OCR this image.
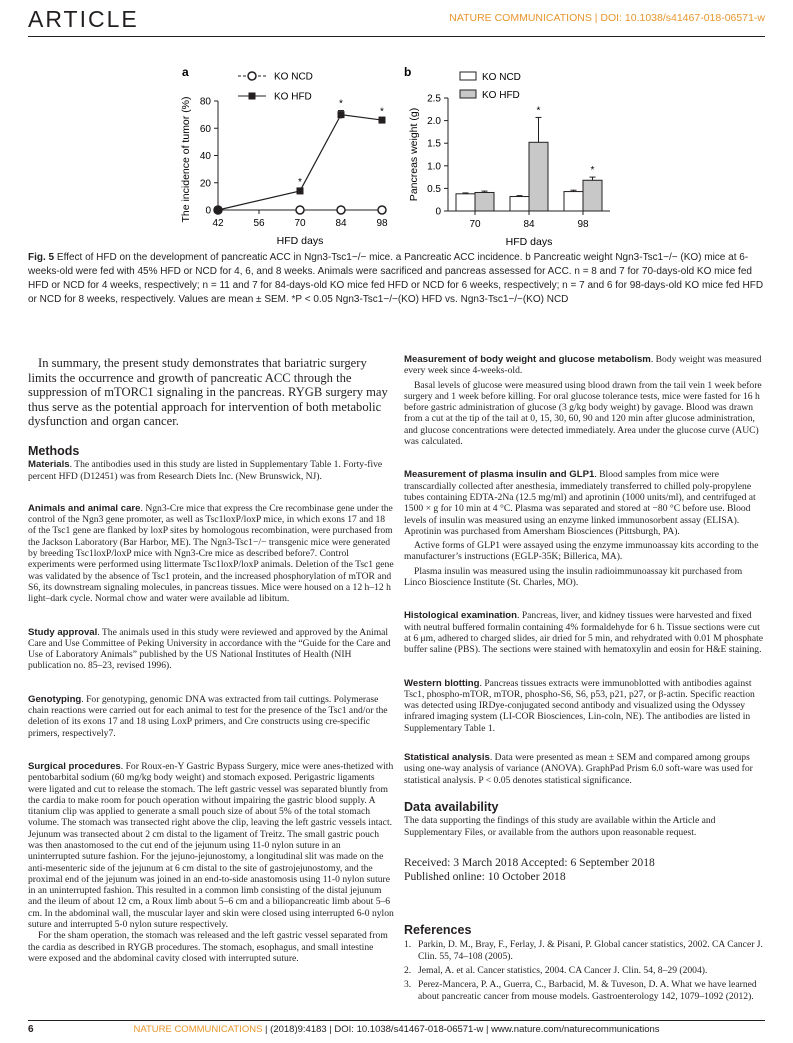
ARTICLE	NATURE COMMUNICATIONS | DOI: 10.1038/s41467-018-06571-w
a	b
0
20
40
60
80
42	56	70	84	98
HFD days
The incidence of tumor (%)
KO NCD
KO HFD
*
*
*
0
0.5
1.0
1.5
2.0
2.5
70	84
*
98
*
HFD days
Pancreas weight (g)
KO NCD
KO HFD
Fig. 5 Effect of HFD on the development of pancreatic ACC in Ngn3-Tsc1−/− mice. a Pancreatic ACC incidence. b Pancreatic weight Ngn3-Tsc1−/− (KO) mice at 6-weeks-old were fed with 45% HFD or NCD for 4, 6, and 8 weeks. Animals were sacrificed and pancreas assessed for ACC. n = 8 and 7 for 70-days-old KO mice fed HFD or NCD for 4 weeks, respectively; n = 11 and 7 for 84-days-old KO mice fed HFD or NCD for 6 weeks, respectively; n = 7 and 6 for 98-days-old KO mice fed HFD or NCD for 8 weeks, respectively. Values are mean ± SEM. *P < 0.05 Ngn3-Tsc1−/−(KO) HFD vs. Ngn3-Tsc1−/−(KO) NCD

In summary, the present study demonstrates that bariatric surgery limits the occurrence and growth of pancreatic ACC through the suppression of mTORC1 signaling in the pancreas. RYGB surgery may thus serve as the potential approach for intervention of both metabolic dysfunction and organ cancer.

Methods

Materials. The antibodies used in this study are listed in Supplementary Table 1. Forty-five percent HFD (D12451) was from Research Diets Inc. (New Brunswick, NJ).

Animals and animal care. Ngn3-Cre mice that express the Cre recombinase gene under the control of the Ngn3 gene promoter, as well as Tsc1loxP/loxP mice, in which exons 17 and 18 of the Tsc1 gene are flanked by loxP sites by homologous recombination, were purchased from the Jackson Laboratory (Bar Harbor, ME). The Ngn3-Tsc1−/− transgenic mice were generated by breeding Tsc1loxP/loxP mice with Ngn3-Cre mice as described before7. Control experiments were performed using littermate Tsc1loxP/loxP animals. Deletion of the Tsc1 gene was validated by the absence of Tsc1 protein, and the increased phosphorylation of mTOR and S6, its downstream signaling molecules, in pancreas tissues. Mice were housed on a 12 h–12 h light–dark cycle. Normal chow and water were available ad libitum.

Study approval. The animals used in this study were reviewed and approved by the Animal Care and Use Committee of Peking University in accordance with the “Guide for the Care and Use of Laboratory Animals” published by the US National Institutes of Health (NIH publication no. 85–23, revised 1996).

Genotyping. For genotyping, genomic DNA was extracted from tail cuttings. Polymerase chain reactions were carried out for each animal to test for the presence of the Tsc1 and/or the deletion of its exons 17 and 18 using LoxP primers, and Cre constructs using cre-specific primers, respectively7.

Surgical procedures. For Roux-en-Y Gastric Bypass Surgery, mice were anes-thetized with pentobarbital sodium (60 mg/kg body weight) and stomach exposed. Perigastric ligaments were ligated and cut to release the stomach. The left gastric vessel was separated bluntly from the cardia to make room for pouch operation without impairing the gastric blood supply. A titanium clip was applied to generate a small pouch size of about 5% of the total stomach volume. The stomach was transected right above the clip, leaving the left gastric vessels intact. Jejunum was transected about 2 cm distal to the ligament of Treitz. The small gastric pouch was then anastomosed to the cut end of the jejunum using 11-0 nylon suture in an uninterrupted suture fashion. For the jejuno-jejunostomy, a longitudinal slit was made on the anti-mesenteric side of the jejunum at 6 cm distal to the site of gastrojejunostomy, and the proximal end of the jejunum was joined in an end-to-side anastomosis using 11-0 nylon suture in an uninterrupted fashion. This resulted in a common limb consisting of the distal jejunum and the ileum of about 12 cm, a Roux limb about 5–6 cm and a biliopancreatic limb about 5–6 cm. In the abdominal wall, the muscular layer and skin were closed using interrupted 6-0 nylon suture and interrupted 5-0 nylon suture respectively.

For the sham operation, the stomach was released and the left gastric vessel separated from the cardia as described in RYGB procedures. The stomach, esophagus, and small intestine were exposed and the abdominal cavity closed with interrupted suture.

Measurement of body weight and glucose metabolism. Body weight was measured every week since 4-weeks-old.

Basal levels of glucose were measured using blood drawn from the tail vein 1 week before surgery and 1 week before killing. For oral glucose tolerance tests, mice were fasted for 16 h before gastric administration of glucose (3 g/kg body weight) by gavage. Blood was drawn from a cut at the tip of the tail at 0, 15, 30, 60, 90 and 120 min after glucose administration, and glucose concentrations were detected immediately. Area under the glucose curve (AUC) was calculated.

Measurement of plasma insulin and GLP1. Blood samples from mice were transcardially collected after anesthesia, immediately transferred to chilled poly-propylene tubes containing EDTA-2Na (12.5 mg/ml) and aprotinin (1000 units/ml), and centrifuged at 1500 × g for 10 min at 4 °C. Plasma was separated and stored at −80 °C before use. Blood levels of insulin was measured using an enzyme linked immunosorbent assay (ELISA). Aprotinin was purchased from Amersham Biosciences (Pittsburgh, PA).

Active forms of GLP1 were assayed using the enzyme immunoassay kits according to the manufacturer’s instructions (EGLP-35K; Billerica, MA).

Plasma insulin was measured using the insulin radioimmunoassay kit purchased from Linco Bioscience Institute (St. Charles, MO).

Histological examination. Pancreas, liver, and kidney tissues were harvested and fixed with neutral buffered formalin containing 4% formaldehyde for 6 h. Tissue sections were cut at 6 μm, adhered to charged slides, air dried for 5 min, and rehydrated with 0.01 M phosphate buffer saline (PBS). The sections were stained with hematoxylin and eosin for H&E staining.

Western blotting. Pancreas tissues extracts were immunoblotted with antibodies against Tsc1, phospho-mTOR, mTOR, phospho-S6, S6, p53, p21, p27, or β-actin. Specific reaction was detected using IRDye-conjugated second antibody and visualized using the Odyssey infrared imaging system (LI-COR Biosciences, Lin-coln, NE). The antibodies are listed in Supplementary Table 1.

Statistical analysis. Data were presented as mean ± SEM and compared among groups using one-way analysis of variance (ANOVA). GraphPad Prism 6.0 soft-ware was used for statistical analysis. P < 0.05 denotes statistical significance.

Data availability

The data supporting the findings of this study are available within the Article and Supplementary Files, or available from the authors upon reasonable request.

Received: 3 March 2018 Accepted: 6 September 2018
Published online: 10 October 2018
References
1. Parkin, D. M., Bray, F., Ferlay, J. & Pisani, P. Global cancer statistics, 2002. CA Cancer J. Clin. 55, 74–108 (2005).
2. Jemal, A. et al. Cancer statistics, 2004. CA Cancer J. Clin. 54, 8–29 (2004).
3. Perez-Mancera, P. A., Guerra, C., Barbacid, M. & Tuveson, D. A. What we have learned about pancreatic cancer from mouse models. Gastroenterology 142, 1079–1092 (2012).
6	NATURE COMMUNICATIONS | (2018)9:4183 | DOI: 10.1038/s41467-018-06571-w | www.nature.com/naturecommunications
